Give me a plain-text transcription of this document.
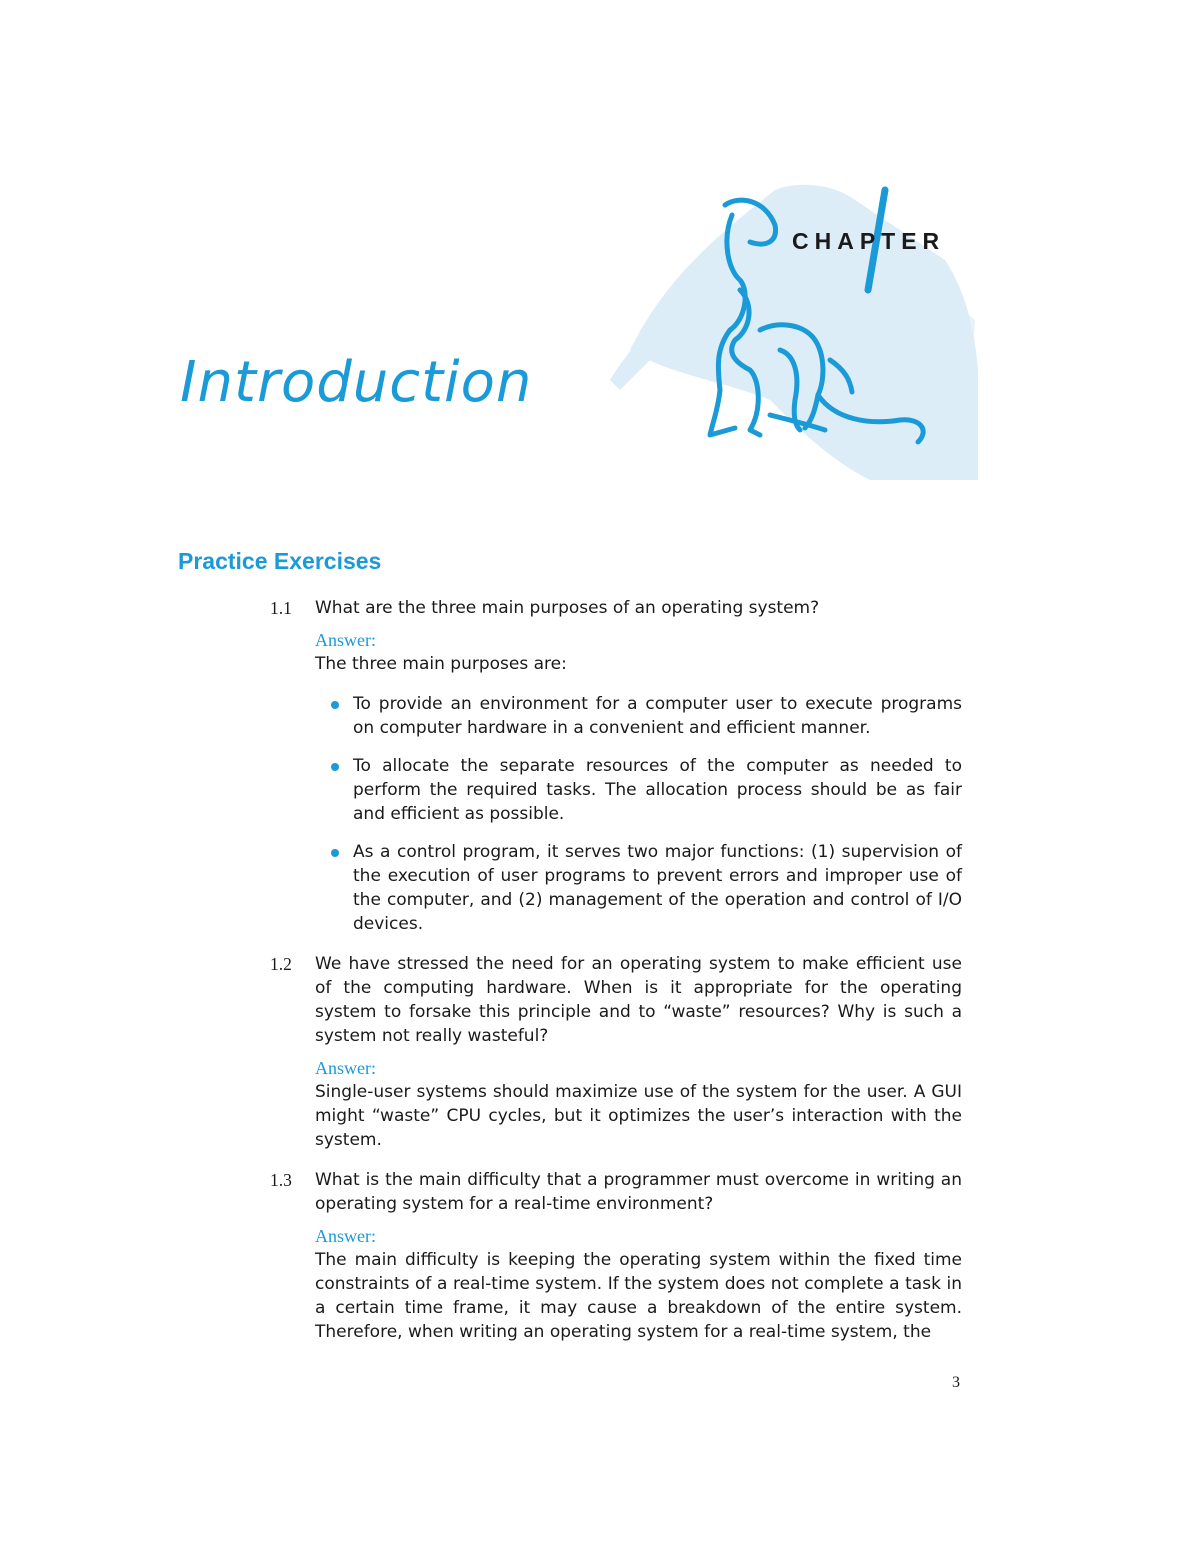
CHAPTER
Introduction
Practice Exercises
1.1 What are the three main purposes of an operating system?

Answer:

The three main purposes are:

To provide an environment for a computer user to execute programs on computer hardware in a convenient and efficient manner.

To allocate the separate resources of the computer as needed to perform the required tasks. The allocation process should be as fair and efficient as possible.

As a control program, it serves two major functions: (1) supervision of the execution of user programs to prevent errors and improper use of the computer, and (2) management of the operation and control of I/O devices.

1.2 We have stressed the need for an operating system to make efficient use of the computing hardware. When is it appropriate for the operating system to forsake this principle and to “waste” resources? Why is such a system not really wasteful?

Answer:

Single-user systems should maximize use of the system for the user. A GUI might “waste” CPU cycles, but it optimizes the user’s interaction with the system.

1.3 What is the main difficulty that a programmer must overcome in writing an operating system for a real-time environment?

Answer:

The main difficulty is keeping the operating system within the fixed time constraints of a real-time system. If the system does not complete a task in a certain time frame, it may cause a breakdown of the entire system. Therefore, when writing an operating system for a real-time system, the

3
